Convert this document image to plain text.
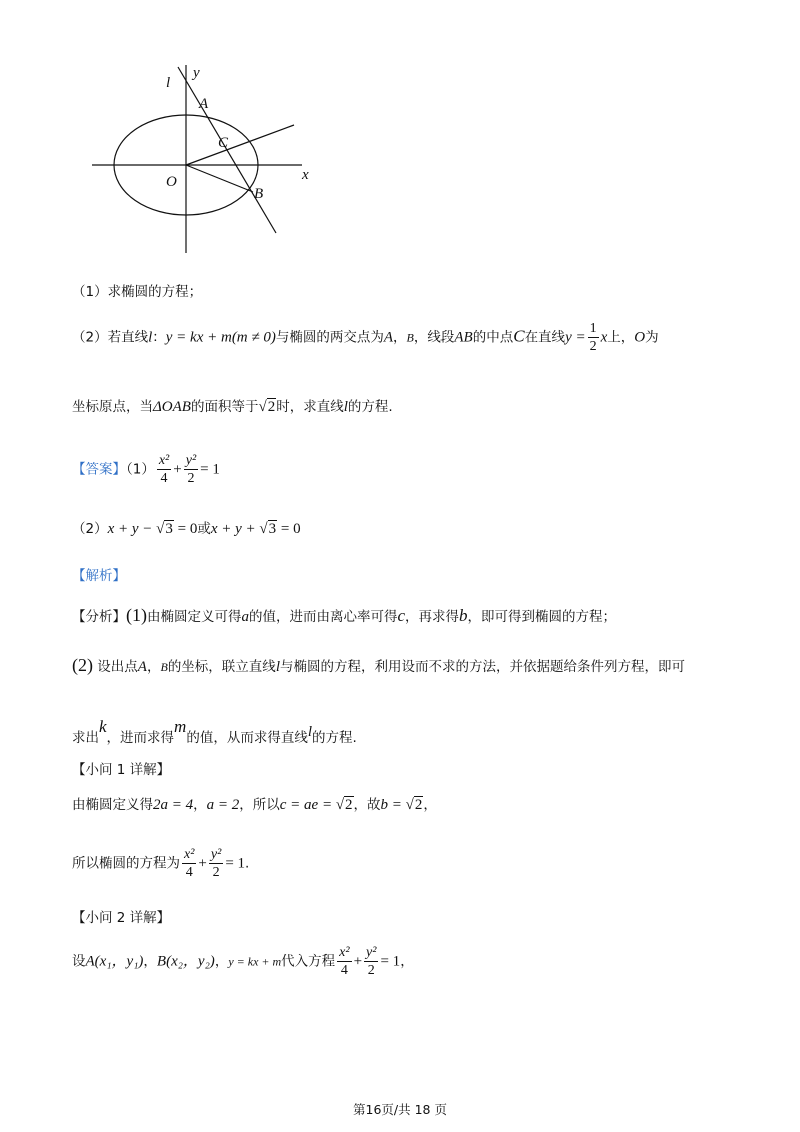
l
y
A
C
O	x
B
（1）求椭圆的方程；
（2）若直线l：y = kx + m(m ≠ 0)与椭圆的两交点为A，B，线段AB的中点C在直线$y = \frac{1}{2}$ x上，O为
坐标原点，当ΔOAB的面积等于√2时，求直线l的方程.
【答案】$(1) \frac{\text{x²}}{4} + \frac{\text{y²}}{2} = 1$
（2）x + y − √3 = 0或x + y + √3 = 0
【解析】
【分析】(1)由椭圆定义可得a的值，进而由离心率可得c，再求得b，即可得到椭圆的方程；
(2) 设出点A，B的坐标，联立直线l与椭圆的方程，利用设而不求的方法，并依据题给条件列方程，即可
求出k，进而求得m的值，从而求得直线l的方程.
【小问 1 详解】
由椭圆定义得2a = 4，a = 2，所以c = ae = √2，故b = √2，
所以椭圆的方程为 $\frac{\text{x²}}{4} + \frac{\text{y²}}{2} = 1$.
【小问 2 详解】
设A(x₁，y₁)，B(x₂，y₂)，y = kx + m代入方程 $\frac{\text{x²}}{4} + \frac{\text{y²}}{2} = 1$，
第16页/共 18 页
